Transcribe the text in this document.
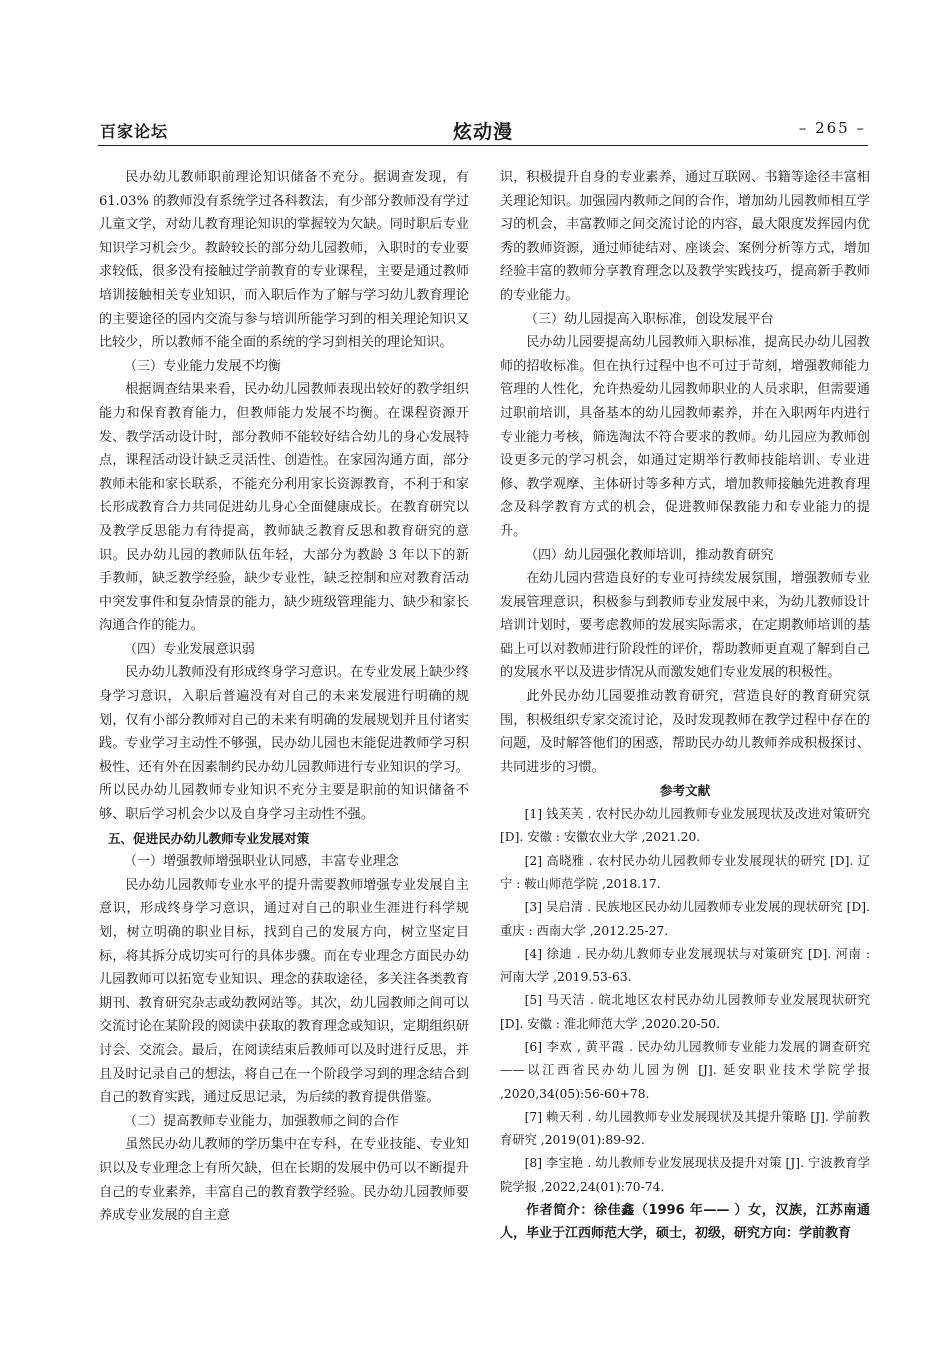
百家论坛	炫动漫	– 265 –

民办幼儿教师职前理论知识储备不充分。据调查发现，有 61.03% 的教师没有系统学过各科教法，有少部分教师没有学过儿童文学，对幼儿教育理论知识的掌握较为欠缺。同时职后专业知识学习机会少。教龄较长的部分幼儿园教师，入职时的专业要求较低，很多没有接触过学前教育的专业课程，主要是通过教师培训接触相关专业知识，而入职后作为了解与学习幼儿教育理论的主要途径的园内交流与参与培训所能学习到的相关理论知识又比较少，所以教师不能全面的系统的学习到相关的理论知识。

（三）专业能力发展不均衡

根据调查结果来看，民办幼儿园教师表现出较好的教学组织能力和保育教育能力，但教师能力发展不均衡。在课程资源开发、教学活动设计时，部分教师不能较好结合幼儿的身心发展特点，课程活动设计缺乏灵活性、创造性。在家园沟通方面，部分教师未能和家长联系，不能充分利用家长资源教育，不利于和家长形成教育合力共同促进幼儿身心全面健康成长。在教育研究以及教学反思能力有待提高，教师缺乏教育反思和教育研究的意识。民办幼儿园的教师队伍年轻，大部分为教龄 3 年以下的新手教师，缺乏教学经验，缺少专业性，缺乏控制和应对教育活动中突发事件和复杂情景的能力，缺少班级管理能力、缺少和家长沟通合作的能力。

（四）专业发展意识弱

民办幼儿教师没有形成终身学习意识。在专业发展上缺少终身学习意识，入职后普遍没有对自己的未来发展进行明确的规划，仅有小部分教师对自己的未来有明确的发展规划并且付诸实践。专业学习主动性不够强，民办幼儿园也未能促进教师学习积极性、还有外在因素制约民办幼儿园教师进行专业知识的学习。所以民办幼儿园教师专业知识不充分主要是职前的知识储备不够、职后学习机会少以及自身学习主动性不强。

五、促进民办幼儿教师专业发展对策

（一）增强教师增强职业认同感，丰富专业理念

民办幼儿园教师专业水平的提升需要教师增强专业发展自主意识，形成终身学习意识，通过对自己的职业生涯进行科学规划，树立明确的职业目标，找到自己的发展方向，树立坚定目标，将其拆分成切实可行的具体步骤。而在专业理念方面民办幼儿园教师可以拓宽专业知识、理念的获取途径，多关注各类教育期刊、教育研究杂志或幼教网站等。其次，幼儿园教师之间可以交流讨论在某阶段的阅读中获取的教育理念或知识，定期组织研讨会、交流会。最后，在阅读结束后教师可以及时进行反思，并且及时记录自己的想法，将自己在一个阶段学习到的理念结合到自己的教育实践，通过反思记录，为后续的教育提供借鉴。

（二）提高教师专业能力，加强教师之间的合作

虽然民办幼儿教师的学历集中在专科，在专业技能、专业知识以及专业理念上有所欠缺，但在长期的发展中仍可以不断提升自己的专业素养，丰富自己的教育教学经验。民办幼儿园教师要养成专业发展的自主意

识，积极提升自身的专业素养，通过互联网、书籍等途径丰富相关理论知识。加强园内教师之间的合作，增加幼儿园教师相互学习的机会，丰富教师之间交流讨论的内容，最大限度发挥园内优秀的教师资源，通过师徒结对、座谈会、案例分析等方式，增加经验丰富的教师分享教育理念以及教学实践技巧，提高新手教师的专业能力。

（三）幼儿园提高入职标准，创设发展平台

民办幼儿园要提高幼儿园教师入职标准，提高民办幼儿园教师的招收标准。但在执行过程中也不可过于苛刻，增强教师能力管理的人性化，允许热爱幼儿园教师职业的人员求职，但需要通过职前培训，具备基本的幼儿园教师素养，并在入职两年内进行专业能力考核，筛选淘汰不符合要求的教师。幼儿园应为教师创设更多元的学习机会，如通过定期举行教师技能培训、专业进修、教学观摩、主体研讨等多种方式，增加教师接触先进教育理念及科学教育方式的机会，促进教师保教能力和专业能力的提升。

（四）幼儿园强化教师培训，推动教育研究

在幼儿园内营造良好的专业可持续发展氛围，增强教师专业发展管理意识，积极参与到教师专业发展中来，为幼儿教师设计培训计划时，要考虑教师的发展实际需求，在定期教师培训的基础上可以对教师进行阶段性的评价，帮助教师更直观了解到自己的发展水平以及进步情况从而激发她们专业发展的积极性。

此外民办幼儿园要推动教育研究，营造良好的教育研究氛围，积极组织专家交流讨论，及时发现教师在教学过程中存在的问题，及时解答他们的困惑，帮助民办幼儿教师养成积极探讨、共同进步的习惯。

参考文献

[1] 钱芙芙 . 农村民办幼儿园教师专业发展现状及改进对策研究 [D]. 安徽 : 安徽农业大学 ,2021.20.

[2] 高晓雅 . 农村民办幼儿园教师专业发展现状的研究 [D]. 辽宁 : 鞍山师范学院 ,2018.17.

[3] 吴启清 . 民族地区民办幼儿园教师专业发展的现状研究 [D]. 重庆 : 西南大学 ,2012.25-27.

[4] 徐迪 . 民办幼儿教师专业发展现状与对策研究 [D]. 河南 : 河南大学 ,2019.53-63.

[5] 马天洁 . 皖北地区农村民办幼儿园教师专业发展现状研究 [D]. 安徽 : 淮北师范大学 ,2020.20-50.

[6] 李欢 , 黄平霞 . 民办幼儿园教师专业能力发展的调查研究——以江西省民办幼儿园为例 [J]. 延安职业技术学院学报 ,2020,34(05):56-60+78.

[7] 赖天利 . 幼儿园教师专业发展现状及其提升策略 [J]. 学前教育研究 ,2019(01):89-92.

[8] 李宝艳 . 幼儿教师专业发展现状及提升对策 [J]. 宁波教育学院学报 ,2022,24(01):70-74.

作者简介：徐佳鑫（1996 年—— ）女，汉族，江苏南通人，毕业于江西师范大学，硕士，初级，研究方向：学前教育
